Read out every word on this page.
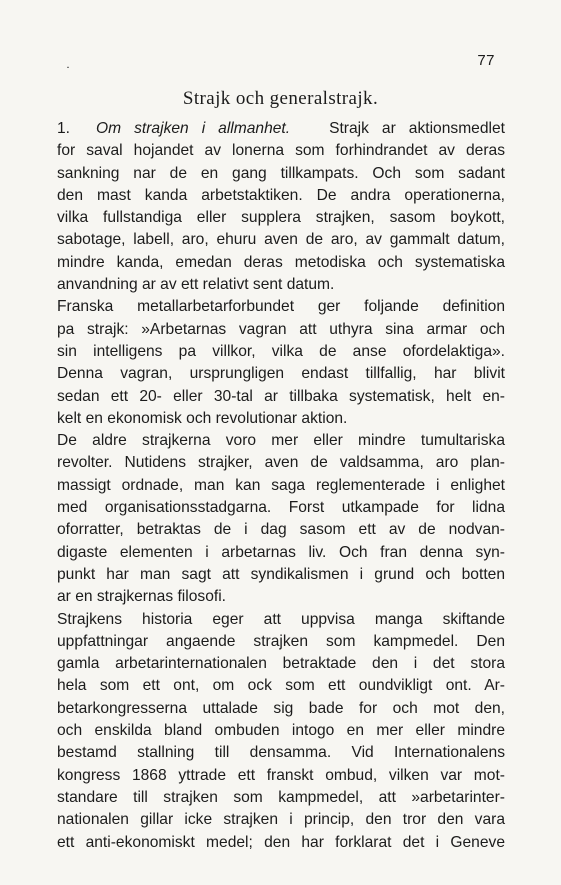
·	77
Strajk och generalstrajk.
1. Om strajken i allmanhet. Strajk ar aktionsmedlet
for saval hojandet av lonerna som forhindrandet av deras
sankning nar de en gang tillkampats. Och som sadant
den mast kanda arbetstaktiken. De andra operationerna,
vilka fullstandiga eller supplera strajken, sasom boykott,
sabotage, labell, aro, ehuru aven de aro, av gammalt datum,
mindre kanda, emedan deras metodiska och systematiska
anvandning ar av ett relativt sent datum.
Franska metallarbetarforbundet ger foljande definition
pa strajk: »Arbetarnas vagran att uthyra sina armar och
sin intelligens pa villkor, vilka de anse ofordelaktiga».
Denna vagran, ursprungligen endast tillfallig, har blivit
sedan ett 20- eller 30-tal ar tillbaka systematisk, helt en-
kelt en ekonomisk och revolutionar aktion.
De aldre strajkerna voro mer eller mindre tumultariska
revolter. Nutidens strajker, aven de valdsamma, aro plan-
massigt ordnade, man kan saga reglementerade i enlighet
med organisationsstadgarna. Forst utkampade for lidna
oforratter, betraktas de i dag sasom ett av de nodvan-
digaste elementen i arbetarnas liv. Och fran denna syn-
punkt har man sagt att syndikalismen i grund och botten
ar en strajkernas filosofi.
Strajkens historia eger att uppvisa manga skiftande
uppfattningar angaende strajken som kampmedel. Den
gamla arbetarinternationalen betraktade den i det stora
hela som ett ont, om ock som ett oundvikligt ont. Ar-
betarkongresserna uttalade sig bade for och mot den,
och enskilda bland ombuden intogo en mer eller mindre
bestamd stallning till densamma. Vid Internationalens
kongress 1868 yttrade ett franskt ombud, vilken var mot-
standare till strajken som kampmedel, att »arbetarinter-
nationalen gillar icke strajken i princip, den tror den vara
ett anti-ekonomiskt medel; den har forklarat det i Geneve
